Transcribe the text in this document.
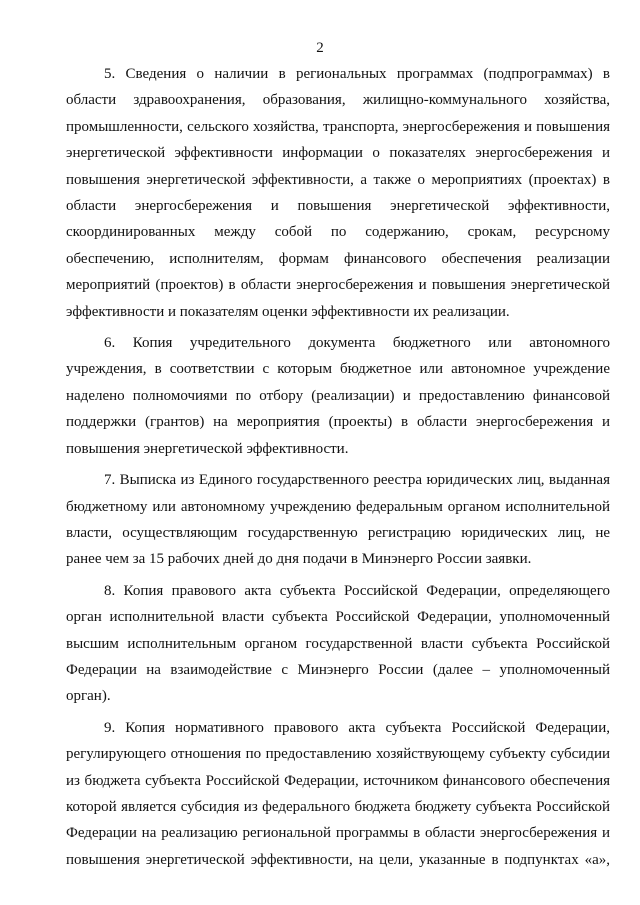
2

5. Сведения о наличии в региональных программах (подпрограммах) в области здравоохранения, образования, жилищно-коммунального хозяйства, промышленности, сельского хозяйства, транспорта, энергосбережения и повышения энергетической эффективности информации о показателях энергосбережения и повышения энергетической эффективности, а также о мероприятиях (проектах) в области энергосбережения и повышения энергетической эффективности, скоординированных между собой по содержанию, срокам, ресурсному обеспечению, исполнителям, формам финансового обеспечения реализации мероприятий (проектов) в области энергосбережения и повышения энергетической эффективности и показателям оценки эффективности их реализации.

6. Копия учредительного документа бюджетного или автономного учреждения, в соответствии с которым бюджетное или автономное учреждение наделено полномочиями по отбору (реализации) и предоставлению финансовой поддержки (грантов) на мероприятия (проекты) в области энергосбережения и повышения энергетической эффективности.

7. Выписка из Единого государственного реестра юридических лиц, выданная бюджетному или автономному учреждению федеральным органом исполнительной власти, осуществляющим государственную регистрацию юридических лиц, не ранее чем за 15 рабочих дней до дня подачи в Минэнерго России заявки.

8. Копия правового акта субъекта Российской Федерации, определяющего орган исполнительной власти субъекта Российской Федерации, уполномоченный высшим исполнительным органом государственной власти субъекта Российской Федерации на взаимодействие с Минэнерго России (далее – уполномоченный орган).

9. Копия нормативного правового акта субъекта Российской Федерации, регулирующего отношения по предоставлению хозяйствующему субъекту субсидии из бюджета субъекта Российской Федерации, источником финансового обеспечения которой является субсидия из федерального бюджета бюджету субъекта Российской Федерации на реализацию региональной программы в области энергосбережения и повышения энергетической эффективности, на цели, указанные в подпунктах «а»,
